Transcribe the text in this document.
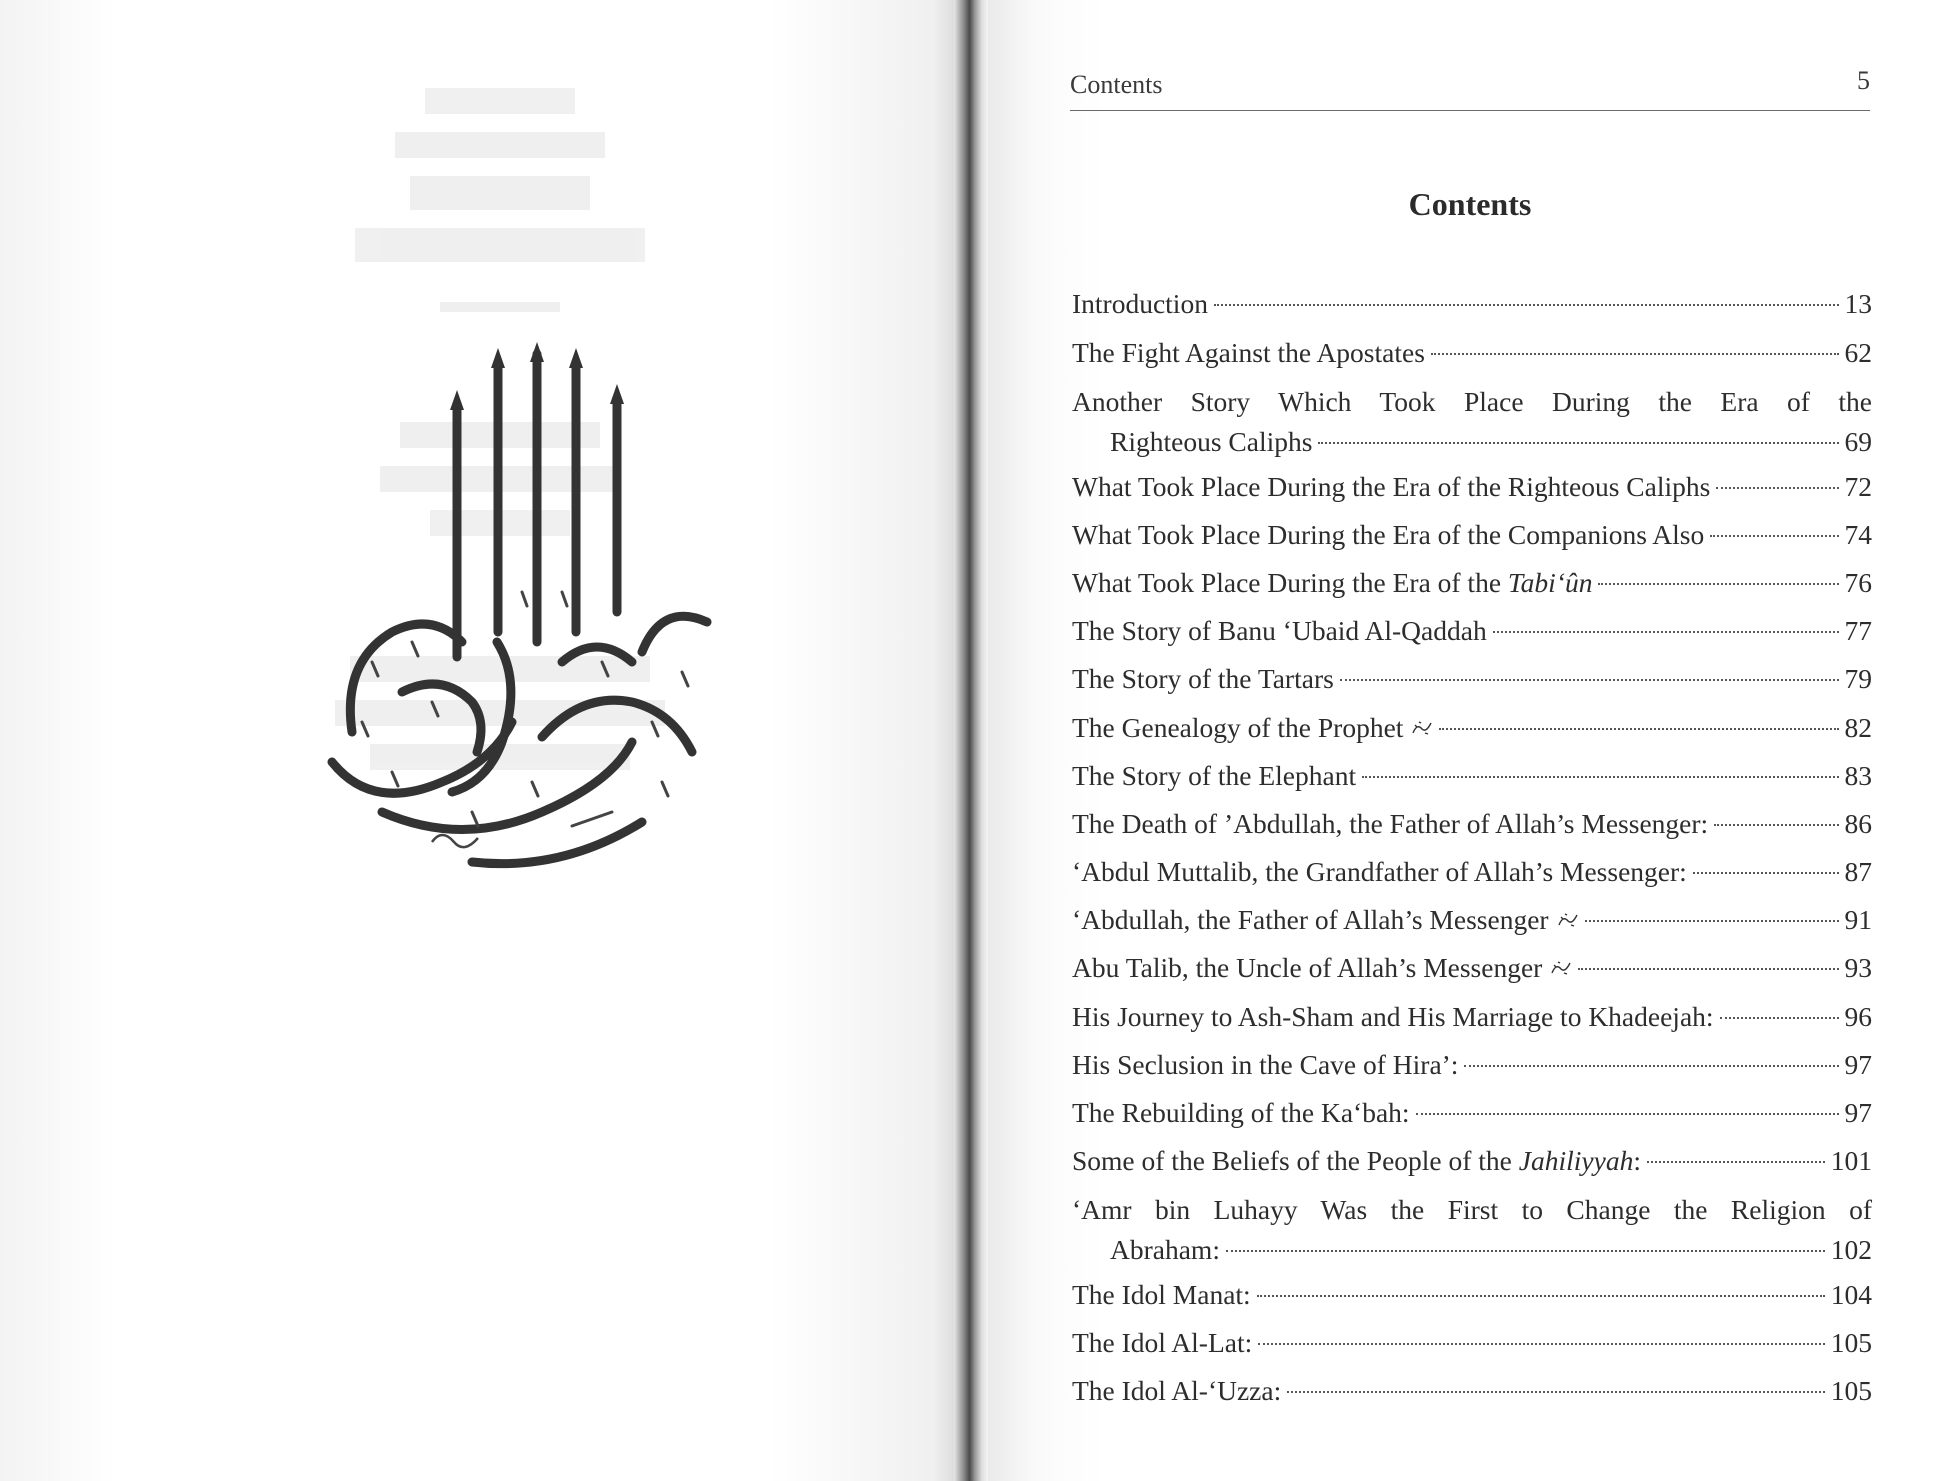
Contents	5
Contents
Introduction	13
The Fight Against the Apostates	62
Another Story Which Took Place During the Era of the
Righteous Caliphs	69
What Took Place During the Era of the Righteous Caliphs	72
What Took Place During the Era of the Companions Also	74
What Took Place During the Era of the Tabi‘ûn	76
The Story of Banu ‘Ubaid Al-Qaddah	77
The Story of the Tartars	79
The Genealogy of the Prophet	82
The Story of the Elephant	83
The Death of ’Abdullah, the Father of Allah’s Messenger:	86
‘Abdul Muttalib, the Grandfather of Allah’s Messenger:	87
‘Abdullah, the Father of Allah’s Messenger	91
Abu Talib, the Uncle of Allah’s Messenger	93
His Journey to Ash-Sham and His Marriage to Khadeejah:	96
His Seclusion in the Cave of Hira’:	97
The Rebuilding of the Ka‘bah:	97
Some of the Beliefs of the People of the Jahiliyyah:	101
‘Amr bin Luhayy Was the First to Change the Religion of
Abraham:	102
The Idol Manat:	104
The Idol Al-Lat:	105
The Idol Al-‘Uzza:	105
